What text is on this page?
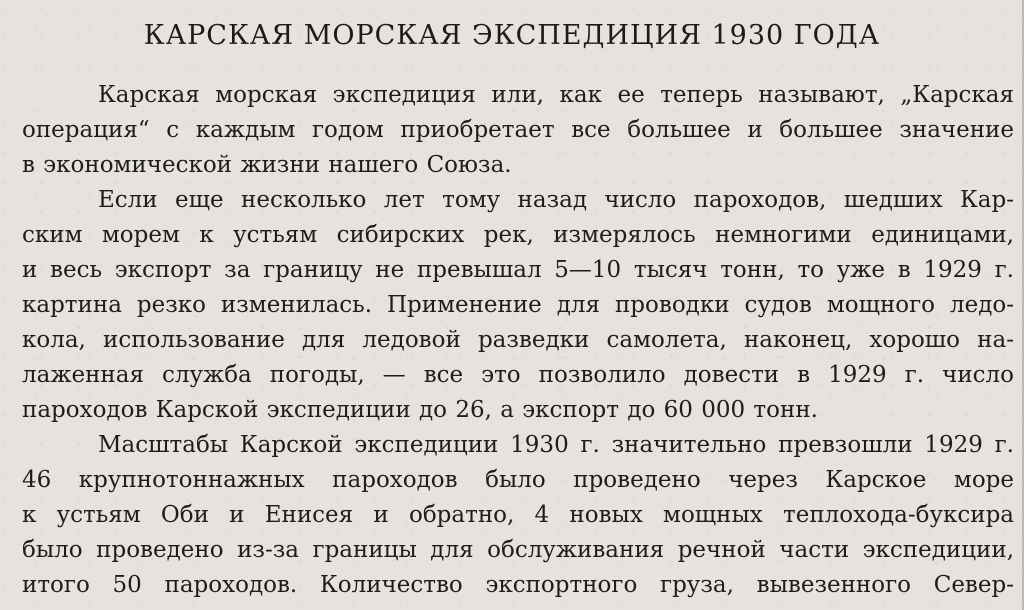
КАРСКАЯ МОРСКАЯ ЭКСПЕДИЦИЯ 1930 ГОДА
Карская морская экспедиция или, как ее теперь называют, „Карская
операция“ с каждым годом приобретает все большее и большее значение
в экономической жизни нашего Союза.
Если еще несколько лет тому назад число пароходов, шедших Кар-
ским морем к устьям сибирских рек, измерялось немногими единицами,
и весь экспорт за границу не превышал 5—10 тысяч тонн, то уже в 1929 г.
картина резко изменилась. Применение для проводки судов мощного ледо-
кола, использование для ледовой разведки самолета, наконец, хорошо на-
лаженная служба погоды, — все это позволило довести в 1929 г. число
пароходов Карской экспедиции до 26, а экспорт до 60 000 тонн.
Масштабы Карской экспедиции 1930 г. значительно превзошли 1929 г.
46 крупнотоннажных пароходов было проведено через Карское море
к устьям Оби и Енисея и обратно, 4 новых мощных теплохода-буксира
было проведено из-за границы для обслуживания речной части экспедиции,
итого 50 пароходов. Количество экспортного груза, вывезенного Север-
